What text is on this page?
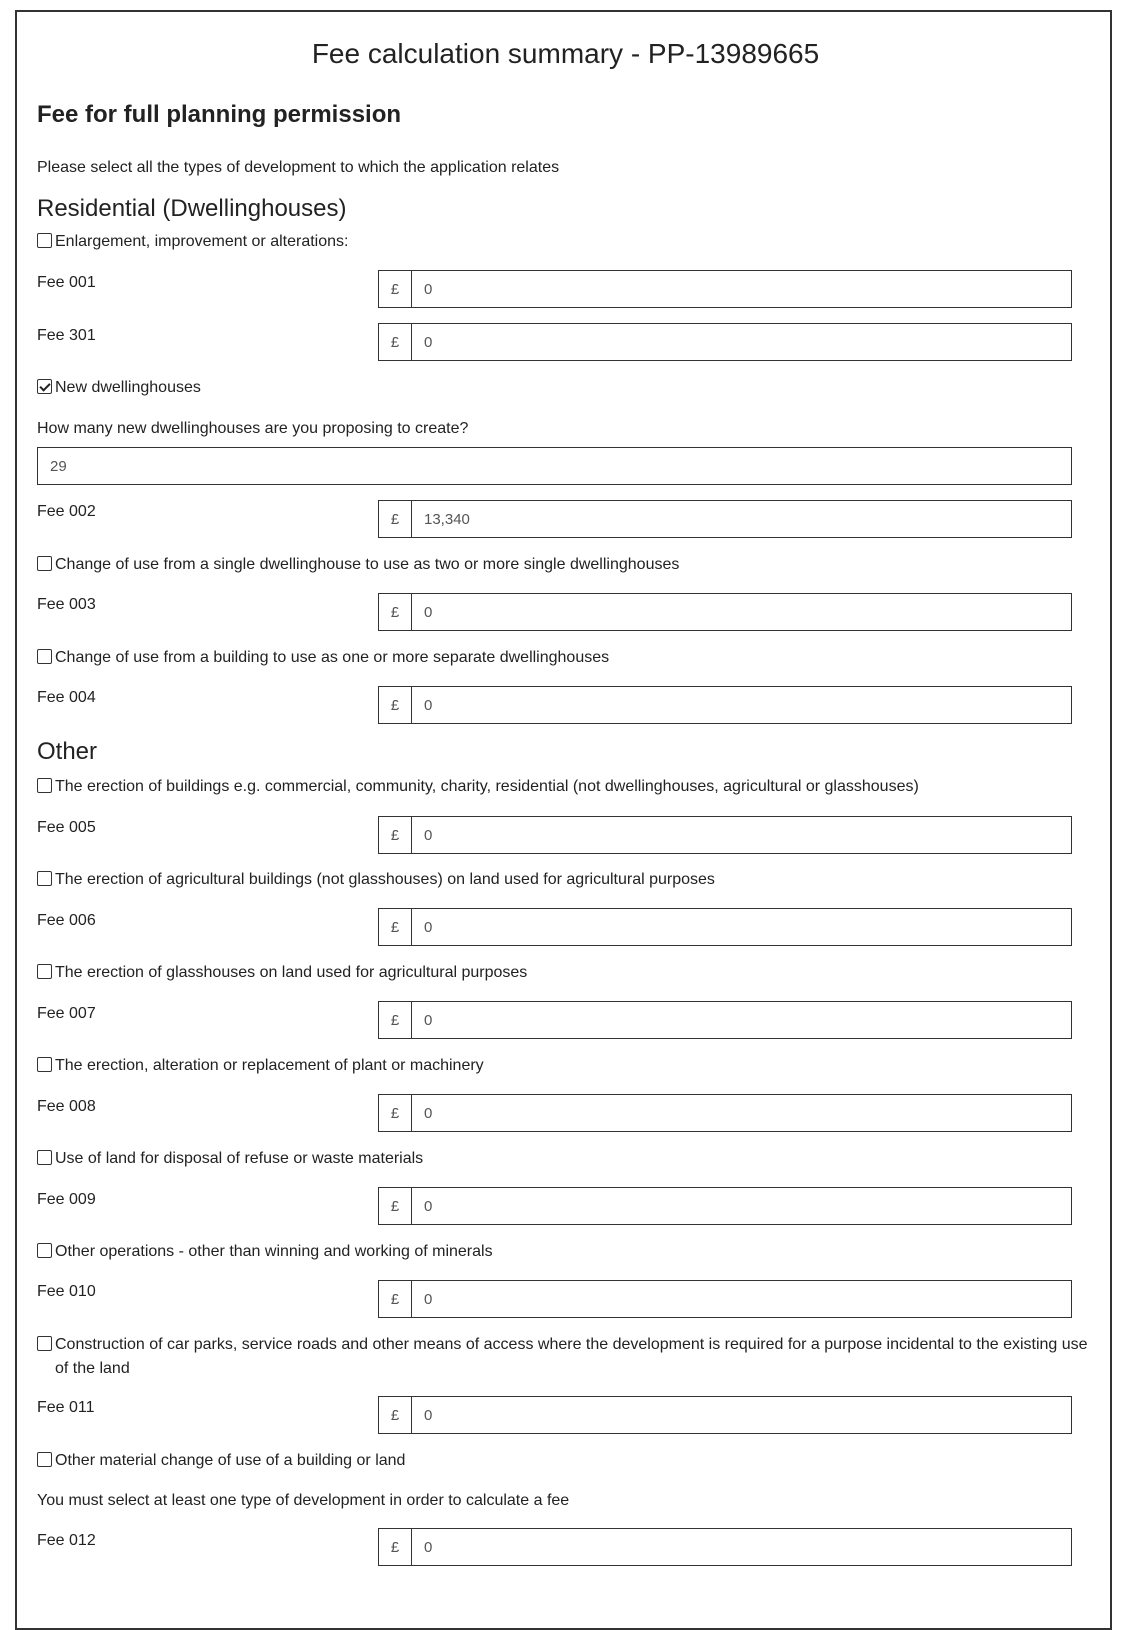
Fee calculation summary - PP-13989665
Fee for full planning permission
Please select all the types of development to which the application relates
Residential (Dwellinghouses)
Enlargement, improvement or alterations:
Fee 001	£	0
Fee 301	£	0
New dwellinghouses
How many new dwellinghouses are you proposing to create?
29
Fee 002	£	13,340
Change of use from a single dwellinghouse to use as two or more single dwellinghouses
Fee 003	£	0
Change of use from a building to use as one or more separate dwellinghouses
Fee 004	£	0
Other
The erection of buildings e.g. commercial, community, charity, residential (not dwellinghouses, agricultural or glasshouses)
Fee 005	£	0
The erection of agricultural buildings (not glasshouses) on land used for agricultural purposes
Fee 006	£	0
The erection of glasshouses on land used for agricultural purposes
Fee 007	£	0
The erection, alteration or replacement of plant or machinery
Fee 008	£	0
Use of land for disposal of refuse or waste materials
Fee 009	£	0
Other operations - other than winning and working of minerals
Fee 010	£	0
Construction of car parks, service roads and other means of access where the development is required for a purpose incidental to the existing use of the land
Fee 011	£	0
Other material change of use of a building or land
You must select at least one type of development in order to calculate a fee
Fee 012	£	0
